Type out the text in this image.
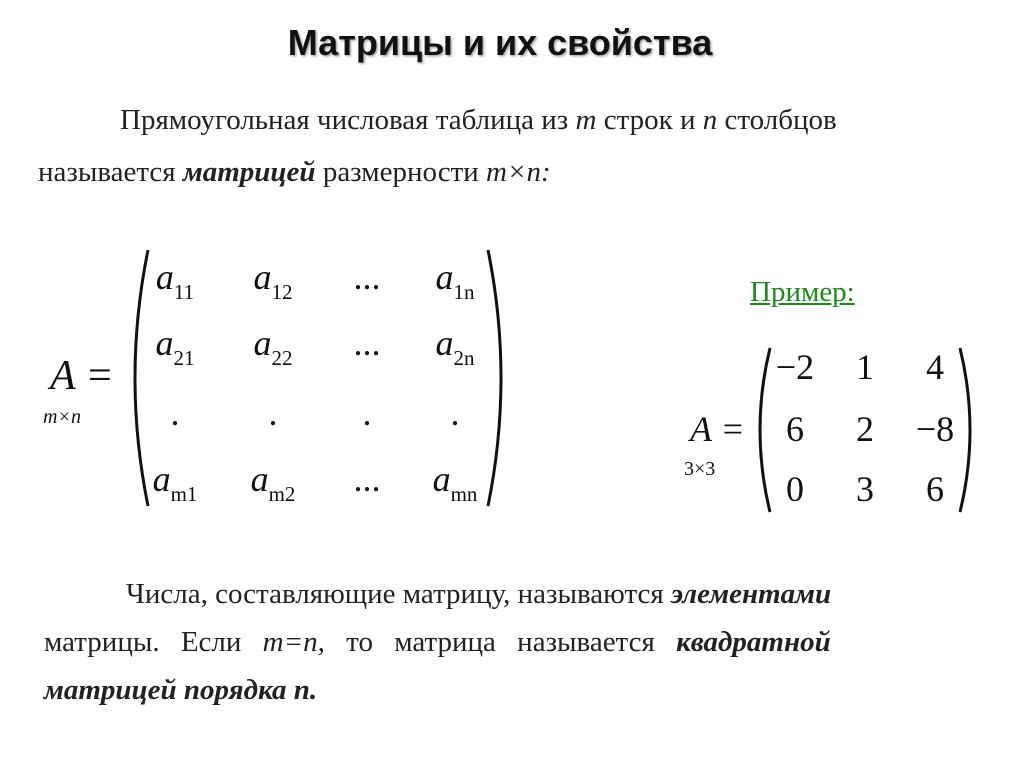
Матрицы и их свойства
Прямоугольная числовая таблица из m строк и n столбцов
называется матрицей размерности m×n:
A =
m×n
$a_{11}$	$a_{12}$	...	$a_{1n}$
$a_{21}$	$a_{22}$	...	$a_{2n}$
.	.	.	.
$a_{m1}$	$a_{m2}$	...	$a_{mn}$
Пример:
A =
3×3
−2	1	4
6	2	−8
0	3	6
Числа, составляющие матрицу, называются элементами
матрицы. Если m=n, то матрица называется квадратной
матрицей порядка n.
